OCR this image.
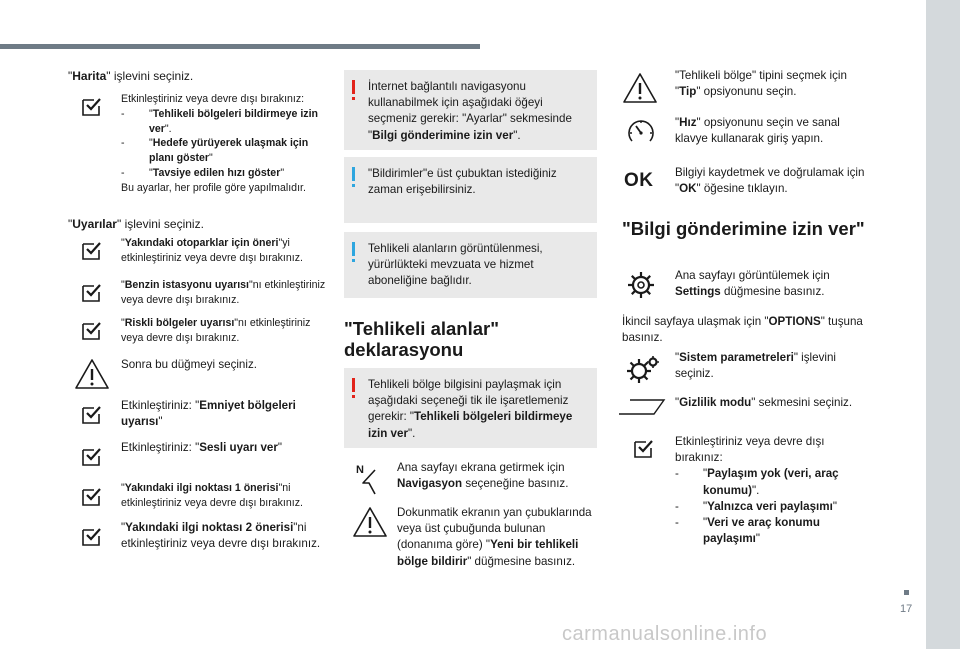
17
carmanualsonline.info
"Harita" işlevini seçiniz.
Etkinleştiriniz veya devre dışı bırakınız:
- "Tehlikeli bölgeleri bildirmeye izin ver".
- "Hedefe yürüyerek ulaşmak için planı göster"
- "Tavsiye edilen hızı göster"
Bu ayarlar, her profile göre yapılmalıdır.
"Uyarılar" işlevini seçiniz.
"Yakındaki otoparklar için öneri"yi etkinleştiriniz veya devre dışı bırakınız.
"Benzin istasyonu uyarısı"nı etkinleştiriniz veya devre dışı bırakınız.
"Riskli bölgeler uyarısı"nı etkinleştiriniz veya devre dışı bırakınız.
Sonra bu düğmeyi seçiniz.
Etkinleştiriniz: "Emniyet bölgeleri uyarısı"
Etkinleştiriniz: "Sesli uyarı ver"
"Yakındaki ilgi noktası 1 önerisi"ni etkinleştiriniz veya devre dışı bırakınız.
"Yakındaki ilgi noktası 2 önerisi"ni etkinleştiriniz veya devre dışı bırakınız.
İnternet bağlantılı navigasyonu kullanabilmek için aşağıdaki öğeyi seçmeniz gerekir: "Ayarlar" sekmesinde "Bilgi gönderimine izin ver".
"Bildirimler"e üst çubuktan istediğiniz zaman erişebilirsiniz.
Tehlikeli alanların görüntülenmesi, yürürlükteki mevzuata ve hizmet aboneliğine bağlıdır.
"Tehlikeli alanlar"
deklarasyonu
Tehlikeli bölge bilgisini paylaşmak için aşağıdaki seçeneği tik ile işaretlemeniz gerekir: "Tehlikeli bölgeleri bildirmeye izin ver".
N	Ana sayfayı ekrana getirmek için Navigasyon seçeneğine basınız.
Dokunmatik ekranın yan çubuklarında veya üst çubuğunda bulunan (donanıma göre) "Yeni bir tehlikeli bölge bildirir" düğmesine basınız.
"Tehlikeli bölge" tipini seçmek için "Tip" opsiyonunu seçin.
"Hız" opsiyonunu seçin ve sanal klavye kullanarak giriş yapın.
OK Bilgiyi kaydetmek ve doğrulamak için "OK" öğesine tıklayın.
"Bilgi gönderimine izin ver"
Ana sayfayı görüntülemek için Settings düğmesine basınız.
İkincil sayfaya ulaşmak için "OPTIONS" tuşuna basınız.
"Sistem parametreleri" işlevini seçiniz.
"Gizlilik modu" sekmesini seçiniz.
Etkinleştiriniz veya devre dışı bırakınız:
- "Paylaşım yok (veri, araç konumu)".
- "Yalnızca veri paylaşımı"
- "Veri ve araç konumu paylaşımı"
